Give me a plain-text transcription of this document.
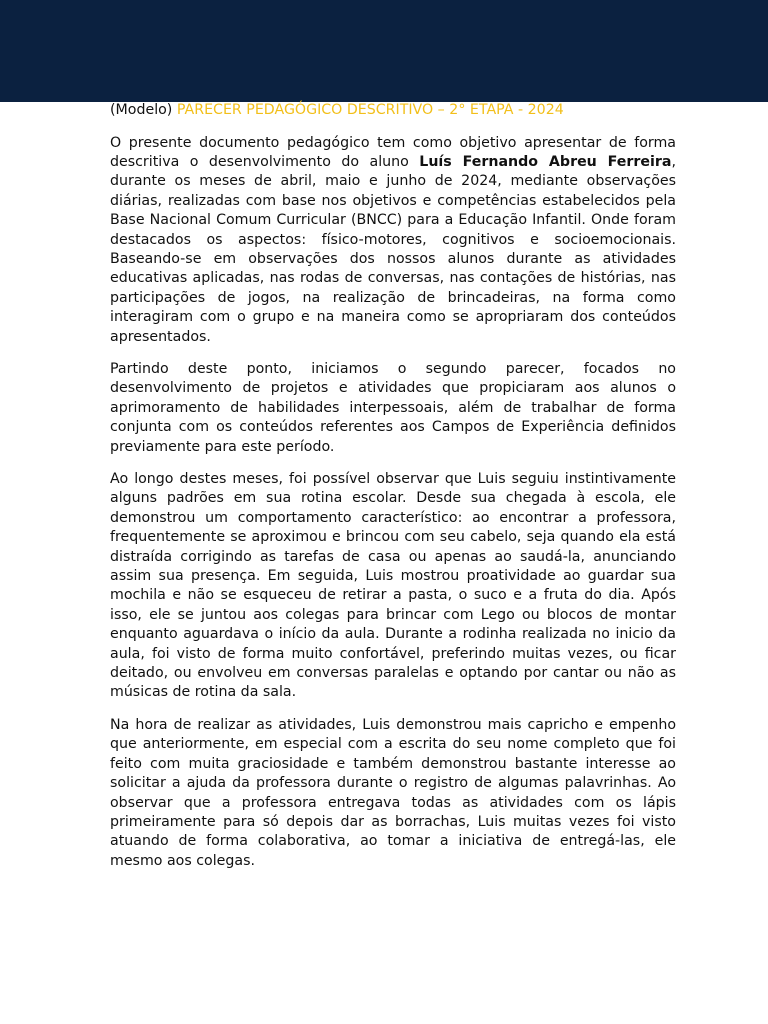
(Modelo) PARECER PEDAGÓGICO DESCRITIVO – 2° ETAPA - 2024

O presente documento pedagógico tem como objetivo apresentar de forma descritiva o desenvolvimento do aluno Luís Fernando Abreu Ferreira, durante os meses de abril, maio e junho de 2024, mediante observações diárias, realizadas com base nos objetivos e competências estabelecidos pela Base Nacional Comum Curricular (BNCC) para a Educação Infantil. Onde foram destacados os aspectos: físico-motores, cognitivos e socioemocionais. Baseando-se em observações dos nossos alunos durante as atividades educativas aplicadas, nas rodas de conversas, nas contações de histórias, nas participações de jogos, na realização de brincadeiras, na forma como interagiram com o grupo e na maneira como se apropriaram dos conteúdos apresentados.

Partindo deste ponto, iniciamos o segundo parecer, focados no desenvolvimento de projetos e atividades que propiciaram aos alunos o aprimoramento de habilidades interpessoais, além de trabalhar de forma conjunta com os conteúdos referentes aos Campos de Experiência definidos previamente para este período.

Ao longo destes meses, foi possível observar que Luis seguiu instintivamente alguns padrões em sua rotina escolar. Desde sua chegada à escola, ele demonstrou um comportamento característico: ao encontrar a professora, frequentemente se aproximou e brincou com seu cabelo, seja quando ela está distraída corrigindo as tarefas de casa ou apenas ao saudá-la, anunciando assim sua presença. Em seguida, Luis mostrou proatividade ao guardar sua mochila e não se esqueceu de retirar a pasta, o suco e a fruta do dia. Após isso, ele se juntou aos colegas para brincar com Lego ou blocos de montar enquanto aguardava o início da aula. Durante a rodinha realizada no inicio da aula, foi visto de forma muito confortável, preferindo muitas vezes, ou ficar deitado, ou envolveu em conversas paralelas e optando por cantar ou não as músicas de rotina da sala.

Na hora de realizar as atividades, Luis demonstrou mais capricho e empenho que anteriormente, em especial com a escrita do seu nome completo que foi feito com muita graciosidade e também demonstrou bastante interesse ao solicitar a ajuda da professora durante o registro de algumas palavrinhas. Ao observar que a professora entregava todas as atividades com os lápis primeiramente para só depois dar as borrachas, Luis muitas vezes foi visto atuando de forma colaborativa, ao tomar a iniciativa de entregá-las, ele mesmo aos colegas.
